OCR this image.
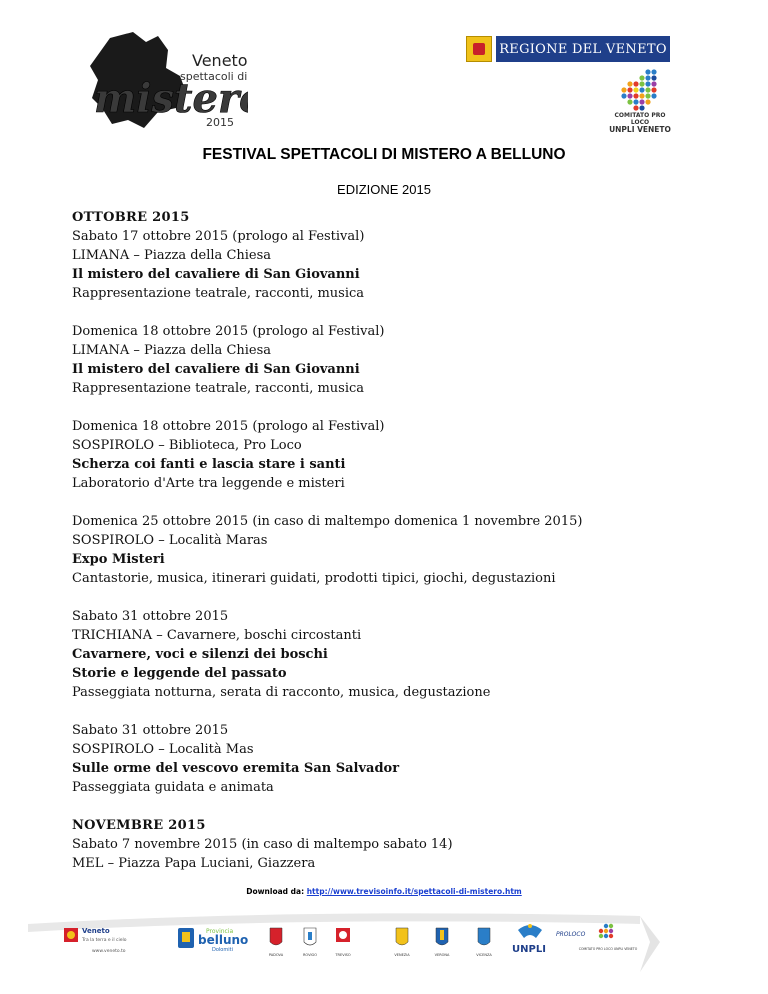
Veneto
spettacoli di
mister
2015
REGIONE DEL VENETO
COMITATO PRO LOCO
UNPLI VENETO
FESTIVAL SPETTACOLI DI MISTERO A BELLUNO
EDIZIONE 2015
OTTOBRE 2015
Sabato 17 ottobre 2015 (prologo al Festival)
LIMANA – Piazza della Chiesa
Il mistero del cavaliere di San Giovanni
Rappresentazione teatrale, racconti, musica
Domenica 18 ottobre 2015 (prologo al Festival)
LIMANA – Piazza della Chiesa
Il mistero del cavaliere di San Giovanni
Rappresentazione teatrale, racconti, musica
Domenica 18 ottobre 2015 (prologo al Festival)
SOSPIROLO – Biblioteca, Pro Loco
Scherza coi fanti e lascia stare i santi
Laboratorio d'Arte tra leggende e misteri
Domenica 25 ottobre 2015 (in caso di maltempo domenica 1 novembre 2015)
SOSPIROLO – Località Maras
Expo Misteri
Cantastorie, musica, itinerari guidati, prodotti tipici, giochi, degustazioni
Sabato 31 ottobre 2015
TRICHIANA – Cavarnere, boschi circostanti
Cavarnere, voci e silenzi dei boschi
Storie e leggende del passato
Passeggiata notturna, serata di racconto, musica, degustazione
Sabato 31 ottobre 2015
SOSPIROLO – Località Mas
Sulle orme del vescovo eremita San Salvador
Passeggiata guidata e animata
NOVEMBRE 2015
Sabato 7 novembre 2015 (in caso di maltempo sabato 14)
MEL – Piazza Papa Luciani, Giazzera
Download da: http://www.trevisoinfo.it/spettacoli-di-mistero.htm
Veneto
Tra la terra e il cielo
www.veneto.to
Provincia
belluno
Dolomiti
PADOVA	ROVIGO	TREVISO	VENEZIA	VERONA	VICENZA UNPLI
PROLOCO
COMITATO PRO LOCO UNPLI VENETO
